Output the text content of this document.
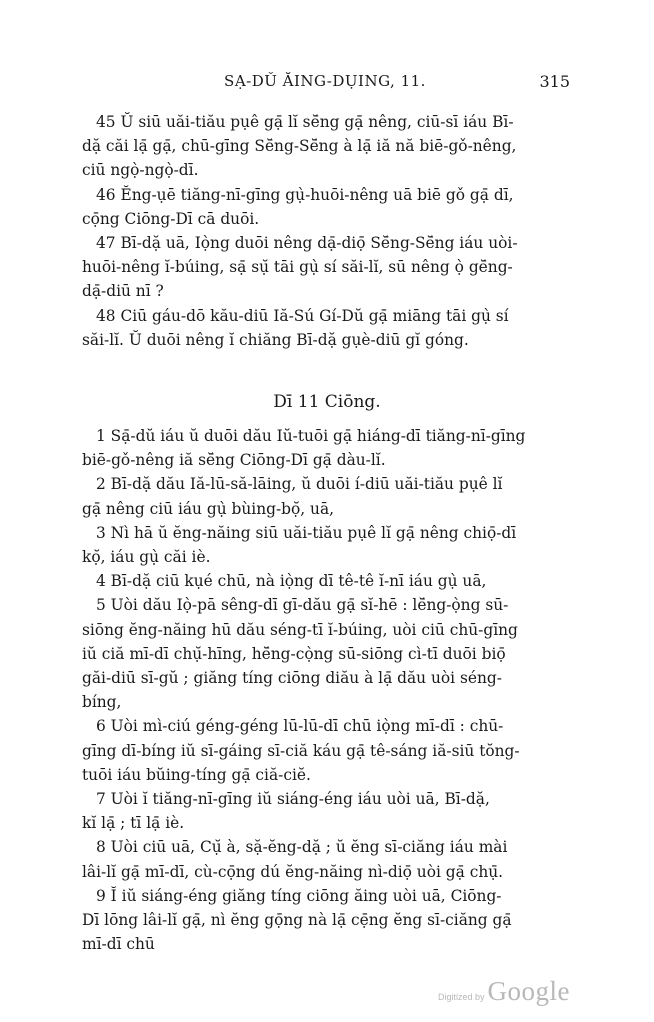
SẠ-DǓ ĂING-DỤING, 11.	315

45 Ŭ siū uăi-tiău pụê gạ̄ lĭ sĕ̄ng gạ̄ nêng, ciū-sī iáu Bī-
dặ căi lạ̄ gạ̄, chū-gīng Sĕ̄ng-Sĕ̄ng à lạ̄ iă nă biē-gǒ-nêng,
ciū ngọ̀-ngọ̀-dī.

46 Ĕng-ụē tiăng-nī-gīng gụ̀-huōi-nêng uā biē gǒ gạ̄ dī,
cọ̄ng Ciōng-Dī cā duōi.

47 Bī-dặ uā, Iọ̀ng duōi nêng dạ̄-diọ̄ Sĕ̄ng-Sĕ̄ng iáu uòi-
huōi-nêng ĭ-búing, sạ̄ sụ̆ tāi gụ̀ sí săi-lĭ, sū nêng ọ̀ gĕ̄ng-
dạ̄-diū nī ?

48 Ciū gáu-dō kău-diū Iă-Sú Gí-Dŭ gạ̄ miāng tāi gụ̀ sí
săi-lĭ. Ŭ duōi nêng ĭ chiăng Bī-dặ gụè-diū gĭ góng.

Dī 11 Ciōng.

1 Sạ̄-dŭ iáu ŭ duōi dău Iŭ-tuōi gạ̄ hiáng-dī tiăng-nī-gīng
biē-gǒ-nêng iă sĕ̄ng Ciōng-Dī gạ̄ dàu-lĭ.

2 Bī-dặ dău Iă-lū-să-lāing, ŭ duōi í-diū uăi-tiău pụê lĭ
gạ̄ nêng ciū iáu gụ̀ bùing-bọ̆, uā,

3 Nì hā ŭ ĕng-năing siū uăi-tiău pụê lĭ gạ̄ nêng chiọ̄-dī
kọ̆, iáu gụ̀ căi iè.

4 Bī-dặ ciū kụé chū, nà iọ̀ng dī tê-tê ĭ-nī iáu gụ̀ uā,

5 Uòi dău Iọ̀-pā sêng-dī gī-dău gạ̄ sĭ-hē : lĕ̄ng-ọ̀ng sū-
siōng ĕng-năing hū dău séng-tī ĭ-búing, uòi ciū chū-gīng
iŭ ciă mī-dī chụ̆-hīng, hĕ̄ng-cọ̀ng sū-siōng cì-tī duōi biọ̄
găi-diū sī-gŭ ; giăng tíng ciōng diău à lạ̄ dău uòi séng-
bíng,

6 Uòi mì-ciú géng-géng lū-lū-dī chū iọ̀ng mī-dī : chū-
gīng dī-bíng iŭ sī-gáing sī-ciă káu gạ̄ tê-sáng iă-siū tŏng-
tuōi iáu bŭing-tíng gạ̄ ciă-ciĕ.

7 Uòi ĭ tiăng-nī-gīng iŭ siáng-éng iáu uòi uā, Bī-dặ,
kĭ lạ̄ ; tī lạ̄ iè.

8 Uòi ciū uā, Cụ̆ à, sặ-ĕng-dặ ; ŭ ĕng sī-ciăng iáu mài
lâi-lĭ gạ̄ mī-dī, cù-cọ̄ng dú ĕng-năing nì-diọ̄ uòi gạ̄ chụ̄.

9 Ĭ iŭ siáng-éng giăng tíng ciōng ăing uòi uā, Ciōng-
Dī lōng lâi-lĭ gạ̄, nì ĕng gọ̄ng nà lạ̄ cẹ̄ng ĕng sī-ciăng gạ̄
mī-dī chū

Digitized by Google
